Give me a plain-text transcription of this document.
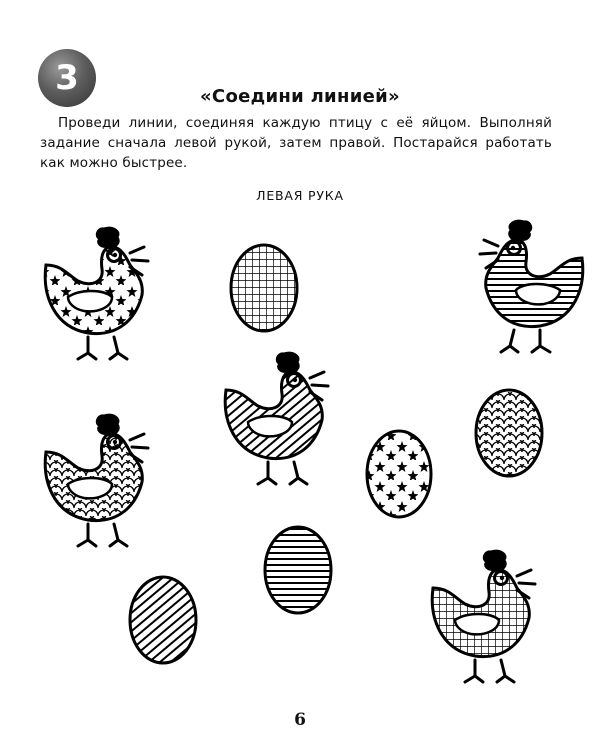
3	«Соедини линией»
Проведи линии, соединяя каждую птицу с её яйцом. Выполняй задание сначала левой рукой, затем правой. Постарайся работать как можно быстрее.
ЛЕВАЯ РУКА
6
